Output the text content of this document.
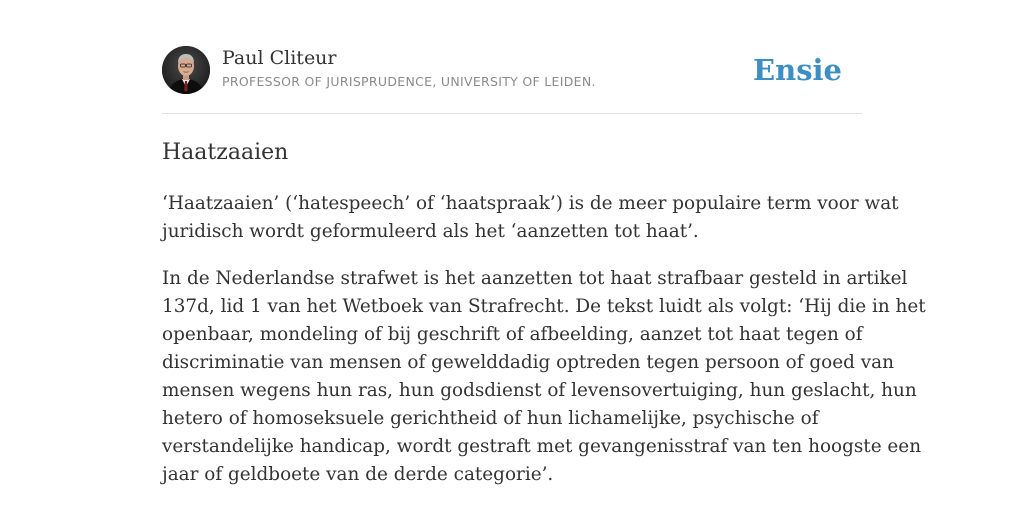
Paul Cliteur
PROFESSOR OF JURISPRUDENCE, UNIVERSITY OF LEIDEN.	Ensie
Haatzaaien

‘Haatzaaien’ (‘hatespeech’ of ‘haatspraak’) is de meer populaire term voor wat
juridisch wordt geformuleerd als het ‘aanzetten tot haat’.

In de Nederlandse strafwet is het aanzetten tot haat strafbaar gesteld in artikel
137d, lid 1 van het Wetboek van Strafrecht. De tekst luidt als volgt: ‘Hij die in het
openbaar, mondeling of bij geschrift of afbeelding, aanzet tot haat tegen of
discriminatie van mensen of gewelddadig optreden tegen persoon of goed van
mensen wegens hun ras, hun godsdienst of levensovertuiging, hun geslacht, hun
hetero of homoseksuele gerichtheid of hun lichamelijke, psychische of
verstandelijke handicap, wordt gestraft met gevangenisstraf van ten hoogste een
jaar of geldboete van de derde categorie’.
